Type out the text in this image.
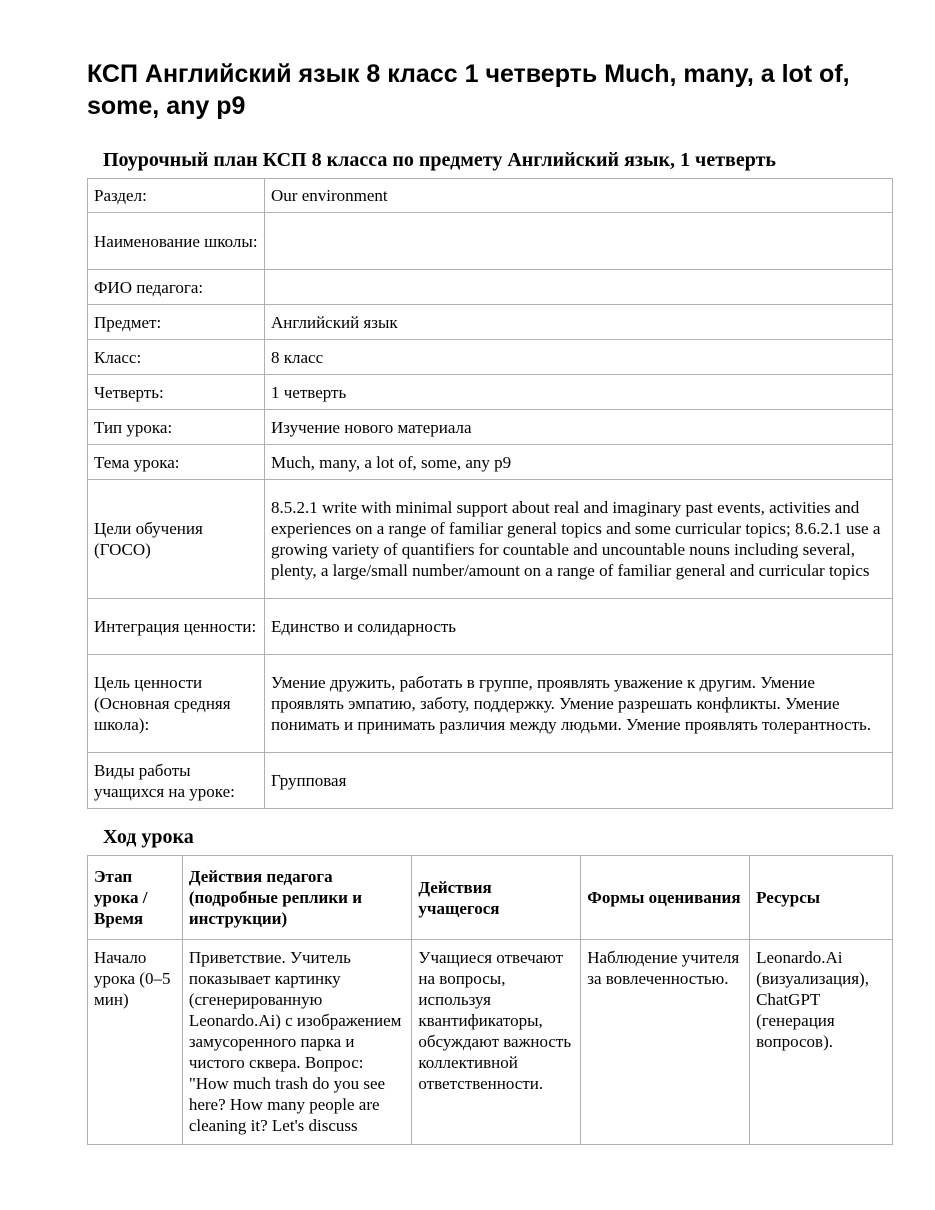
КСП Английский язык 8 класс 1 четверть Much, many, a lot of, some, any p9
Поурочный план КСП 8 класса по предмету Английский язык, 1 четверть
Раздел:	Our environment
Наименование школы:	
ФИО педагога:	
Предмет:	Английский язык
Класс:	8 класс
Четверть:	1 четверть
Тип урока:	Изучение нового материала
Тема урока:	Much, many, a lot of, some, any p9
Цели обучения (ГОСО)	8.5.2.1 write with minimal support about real and imaginary past events, activities and experiences on a range of familiar general topics and some curricular topics; 8.6.2.1 use a growing variety of quantifiers for countable and uncountable nouns including several, plenty, a large/small number/amount on a range of familiar general and curricular topics
Интеграция ценности:	Единство и солидарность
Цель ценности (Основная средняя школа):	Умение дружить, работать в группе, проявлять уважение к другим. Умение проявлять эмпатию, заботу, поддержку. Умение разрешать конфликты. Умение понимать и принимать различия между людьми. Умение проявлять толерантность.
Виды работы учащихся на уроке:	Групповая
Ход урока
Этап урока / Время	Действия педагога (подробные реплики и инструкции)	Действия учащегося	Формы оценивания	Ресурсы
Начало урока (0–5 мин)	Приветствие. Учитель показывает картинку (сгенерированную Leonardo.Ai) с изображением замусоренного парка и чистого сквера. Вопрос: "How much trash do you see here? How many people are cleaning it? Let's discuss	Учащиеся отвечают на вопросы, используя квантификаторы, обсуждают важность коллективной ответственности.	Наблюдение учителя за вовлеченностью.	Leonardo.Ai (визуализация), ChatGPT (генерация вопросов).
